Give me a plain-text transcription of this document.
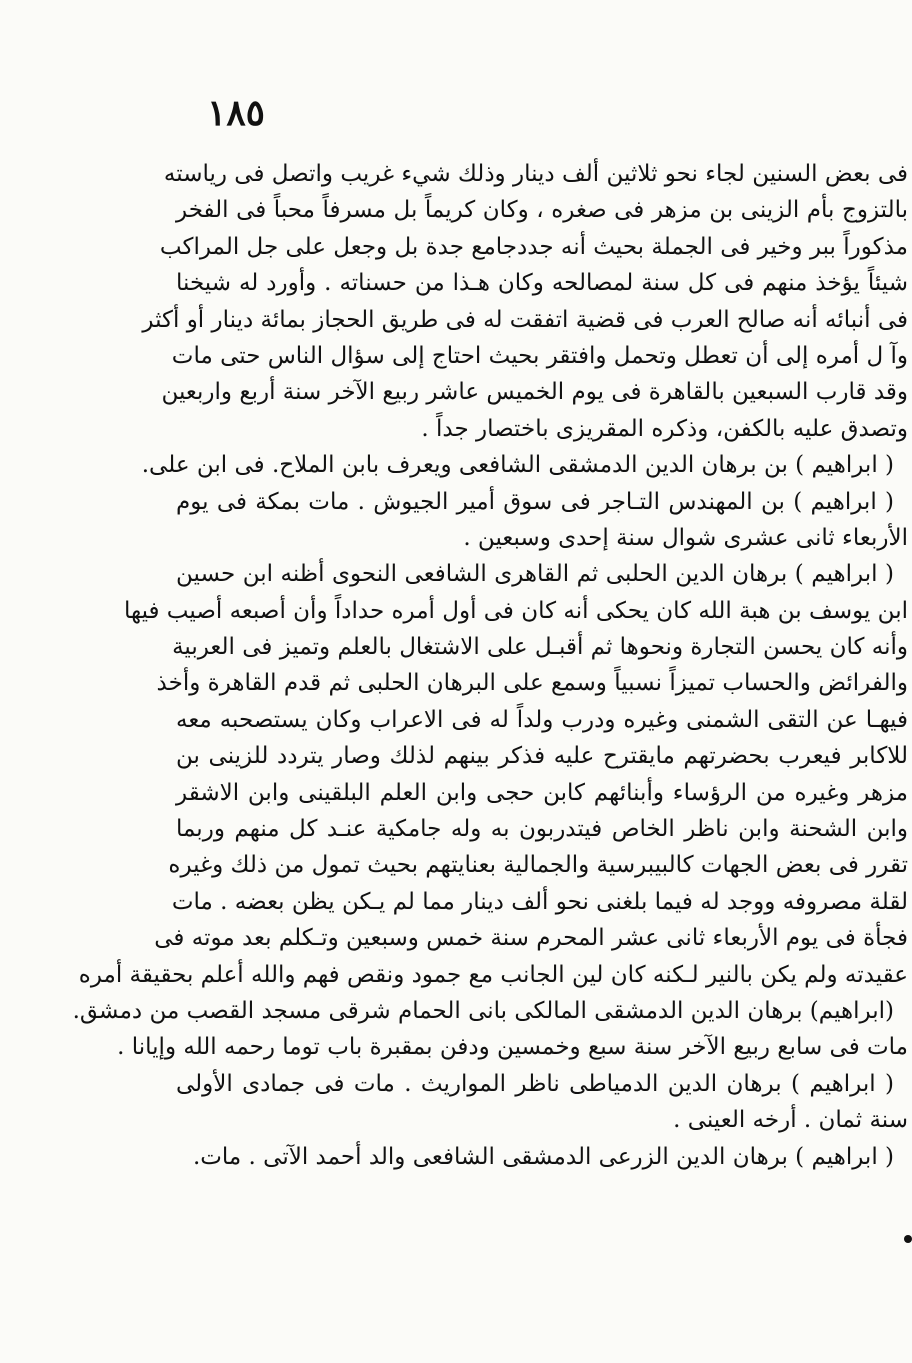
١٨٥
فى بعض السنين لجاء نحو ثلاثين ألف دينار وذلك شيء غريب واتصل فى رياسته
بالتزوج بأم الزينى بن مزهر فى صغره ، وكان كريماً بل مسرفاً محباً فى الفخر
مذكوراً ببر وخير فى الجملة بحيث أنه جددجامع جدة بل وجعل على جل المراكب
شيئاً يؤخذ منهم فى كل سنة لمصالحه وكان هـذا من حسناته . وأورد له شيخنا
فى أنبائه أنه صالح العرب فى قضية اتفقت له فى طريق الحجاز بمائة دينار أو أكثر
وآ ل أمره إلى أن تعطل وتحمل وافتقر بحيث احتاج إلى سؤال الناس حتى مات
وقد قارب السبعين بالقاهرة فى يوم الخميس عاشر ربيع الآخر سنة أربع واربعين
وتصدق عليه بالكفن، وذكره المقريزى باختصار جداً .
( ابراهيم ) بن برهان الدين الدمشقى الشافعى ويعرف بابن الملاح. فى ابن على.
( ابراهيم ) بن المهندس التـاجر فى سوق أمير الجيوش . مات بمكة فى يوم
الأربعاء ثانى عشرى شوال سنة إحدى وسبعين .
( ابراهيم ) برهان الدين الحلبى ثم القاهرى الشافعى النحوى أظنه ابن حسين
ابن يوسف بن هبة الله كان يحكى أنه كان فى أول أمره حداداً وأن أصبعه أصيب فيها
وأنه كان يحسن التجارة ونحوها ثم أقبـل على الاشتغال بالعلم وتميز فى العربية
والفرائض والحساب تميزاً نسبياً وسمع على البرهان الحلبى ثم قدم القاهرة وأخذ
فيهـا عن التقى الشمنى وغيره ودرب ولداً له فى الاعراب وكان يستصحبه معه
للاكابر فيعرب بحضرتهم مايقترح عليه فذكر بينهم لذلك وصار يتردد للزينى بن
مزهر وغيره من الرؤساء وأبنائهم كابن حجى وابن العلم البلقينى وابن الاشقر
وابن الشحنة وابن ناظر الخاص فيتدربون به وله جامكية عنـد كل منهم وربما
تقرر فى بعض الجهات كالبيبرسية والجمالية بعنايتهم بحيث تمول من ذلك وغيره
لقلة مصروفه ووجد له فيما بلغنى نحو ألف دينار مما لم يـكن يظن بعضه . مات
فجأة فى يوم الأربعاء ثانى عشر المحرم سنة خمس وسبعين وتـكلم بعد موته فى
عقيدته ولم يكن بالنير لـكنه كان لين الجانب مع جمود ونقص فهم والله أعلم بحقيقة أمره
(ابراهيم) برهان الدين الدمشقى المالكى بانى الحمام شرقى مسجد القصب من دمشق.
مات فى سابع ربيع الآخر سنة سبع وخمسين ودفن بمقبرة باب توما رحمه الله وإيانا .
( ابراهيم ) برهان الدين الدمياطى ناظر المواريث . مات فى جمادى الأولى
سنة ثمان . أرخه العينى .
( ابراهيم ) برهان الدين الزرعى الدمشقى الشافعى والد أحمد الآتى . مات.
